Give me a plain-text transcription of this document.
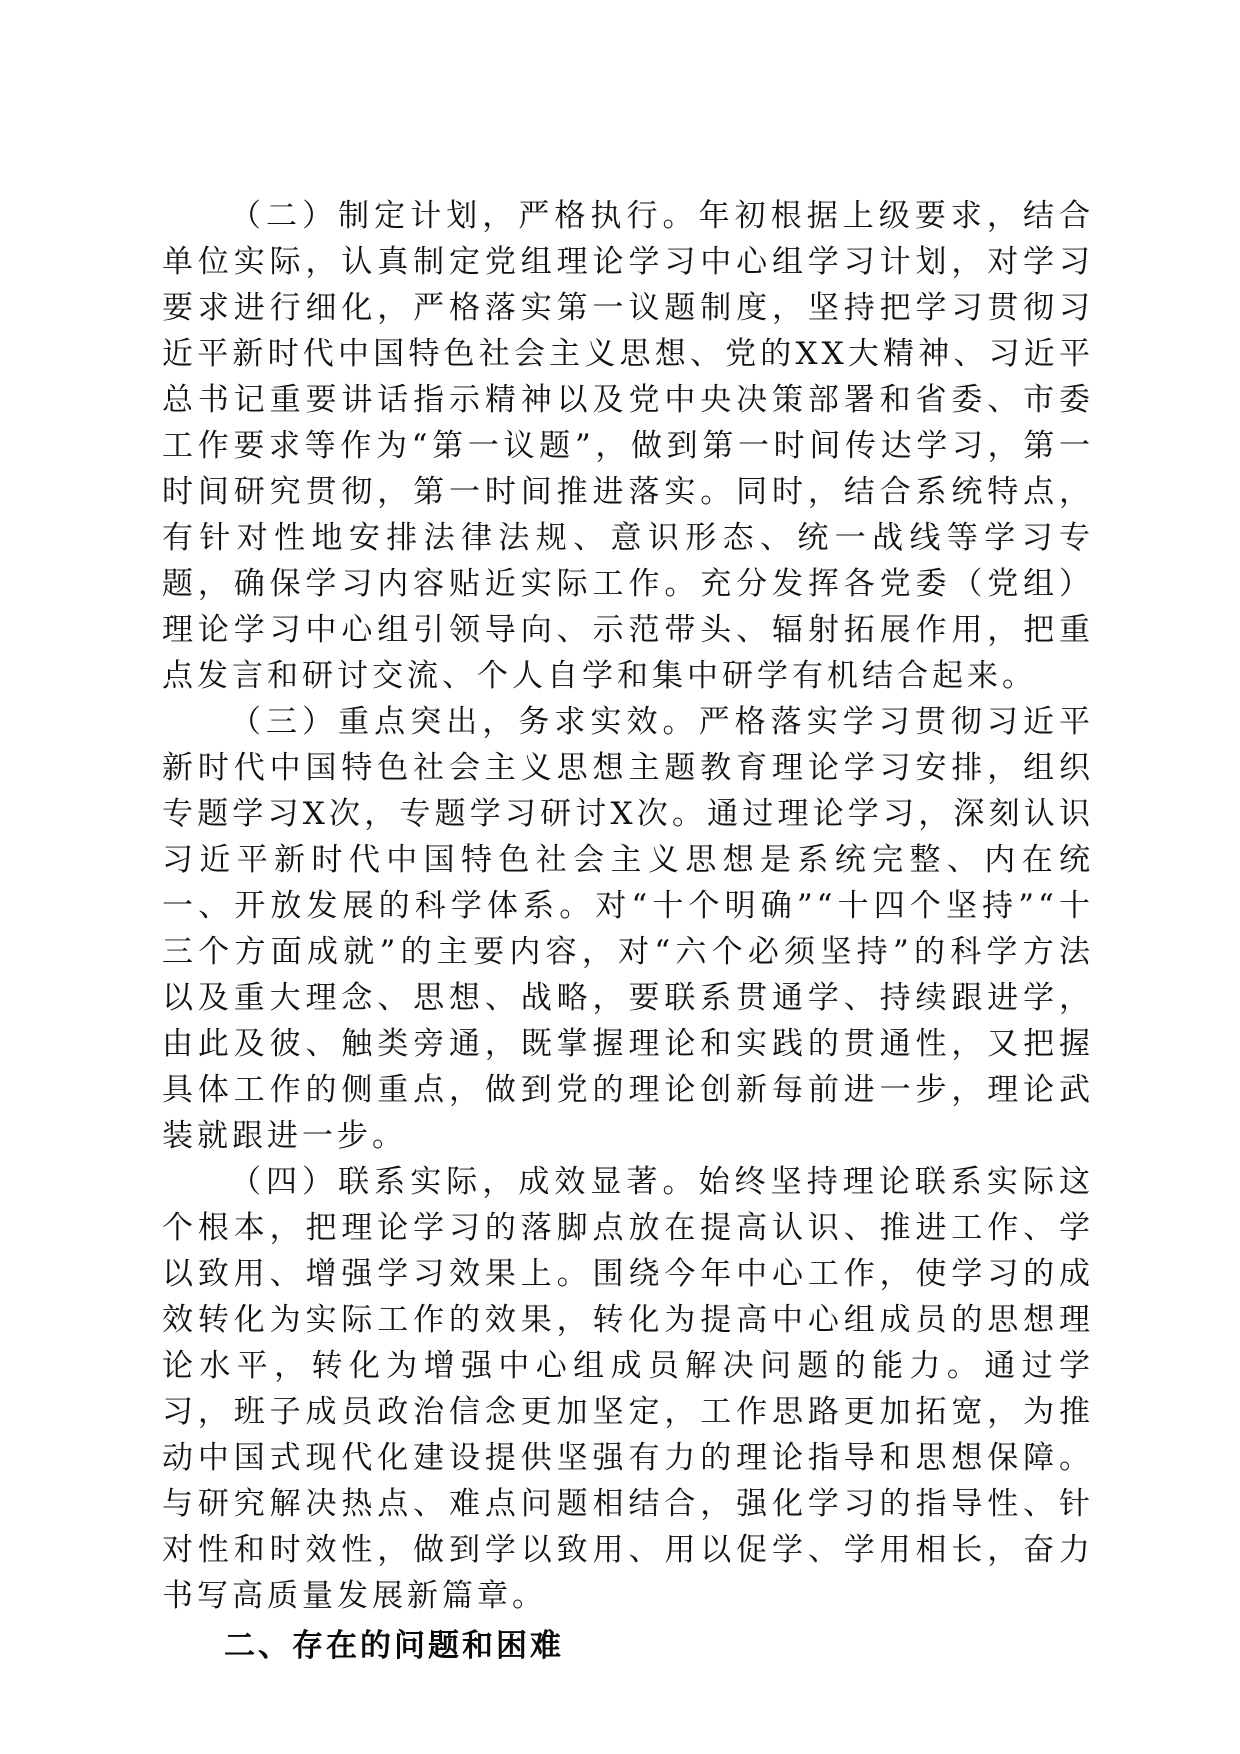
（二）制定计划，严格执行。年初根据上级要求，结合单位实际，认真制定党组理论学习中心组学习计划，对学习要求进行细化，严格落实第一议题制度，坚持把学习贯彻习近平新时代中国特色社会主义思想、党的XX大精神、习近平总书记重要讲话指示精神以及党中央决策部署和省委、市委工作要求等作为“第一议题”，做到第一时间传达学习，第一时间研究贯彻，第一时间推进落实。同时，结合系统特点，有针对性地安排法律法规、意识形态、统一战线等学习专题，确保学习内容贴近实际工作。充分发挥各党委（党组）理论学习中心组引领导向、示范带头、辐射拓展作用，把重点发言和研讨交流、个人自学和集中研学有机结合起来。

（三）重点突出，务求实效。严格落实学习贯彻习近平新时代中国特色社会主义思想主题教育理论学习安排，组织专题学习X次，专题学习研讨X次。通过理论学习，深刻认识习近平新时代中国特色社会主义思想是系统完整、内在统一、开放发展的科学体系。对“十个明确”“十四个坚持”“十三个方面成就”的主要内容，对“六个必须坚持”的科学方法以及重大理念、思想、战略，要联系贯通学、持续跟进学，由此及彼、触类旁通，既掌握理论和实践的贯通性，又把握具体工作的侧重点，做到党的理论创新每前进一步，理论武装就跟进一步。

（四）联系实际，成效显著。始终坚持理论联系实际这个根本，把理论学习的落脚点放在提高认识、推进工作、学以致用、增强学习效果上。围绕今年中心工作，使学习的成效转化为实际工作的效果，转化为提高中心组成员的思想理论水平，转化为增强中心组成员解决问题的能力。通过学习，班子成员政治信念更加坚定，工作思路更加拓宽，为推动中国式现代化建设提供坚强有力的理论指导和思想保障。与研究解决热点、难点问题相结合，强化学习的指导性、针对性和时效性，做到学以致用、用以促学、学用相长，奋力书写高质量发展新篇章。

二、存在的问题和困难
